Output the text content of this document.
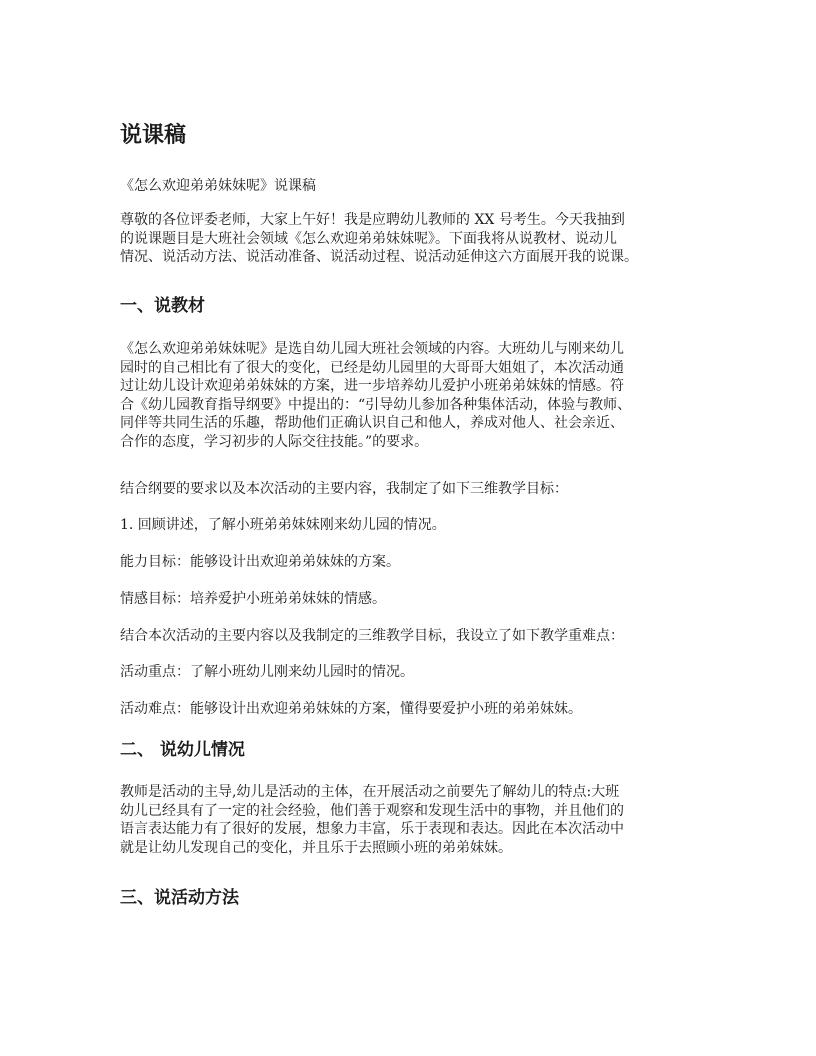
说课稿

《怎么欢迎弟弟妹妹呢》说课稿

尊敬的各位评委老师，大家上午好！我是应聘幼儿教师的 XX 号考生。今天我抽到
的说课题目是大班社会领域《怎么欢迎弟弟妹妹呢》。下面我将从说教材、说动儿
情况、说活动方法、说活动准备、说活动过程、说活动延伸这六方面展开我的说课。

一、说教材

《怎么欢迎弟弟妹妹呢》是选自幼儿园大班社会领域的内容。大班幼儿与刚来幼儿
园时的自己相比有了很大的变化，已经是幼儿园里的大哥哥大姐姐了，本次活动通
过让幼儿设计欢迎弟弟妹妹的方案，进一步培养幼儿爱护小班弟弟妹妹的情感。符
合《幼儿园教育指导纲要》中提出的：“引导幼儿参加各种集体活动，体验与教师、
同伴等共同生活的乐趣，帮助他们正确认识自己和他人，养成对他人、社会亲近、
合作的态度，学习初步的人际交往技能。”的要求。

结合纲要的要求以及本次活动的主要内容，我制定了如下三维教学目标：

1. 回顾讲述，了解小班弟弟妹妹刚来幼儿园的情况。

能力目标：能够设计出欢迎弟弟妹妹的方案。

情感目标：培养爱护小班弟弟妹妹的情感。

结合本次活动的主要内容以及我制定的三维教学目标，我设立了如下教学重难点：

活动重点：了解小班幼儿刚来幼儿园时的情况。

活动难点：能够设计出欢迎弟弟妹妹的方案，懂得要爱护小班的弟弟妹妹。

二、 说幼儿情况

教师是活动的主导,幼儿是活动的主体，在开展活动之前要先了解幼儿的特点:大班
幼儿已经具有了一定的社会经验，他们善于观察和发现生活中的事物，并且他们的
语言表达能力有了很好的发展，想象力丰富，乐于表现和表达。因此在本次活动中
就是让幼儿发现自己的变化，并且乐于去照顾小班的弟弟妹妹。

三、说活动方法
